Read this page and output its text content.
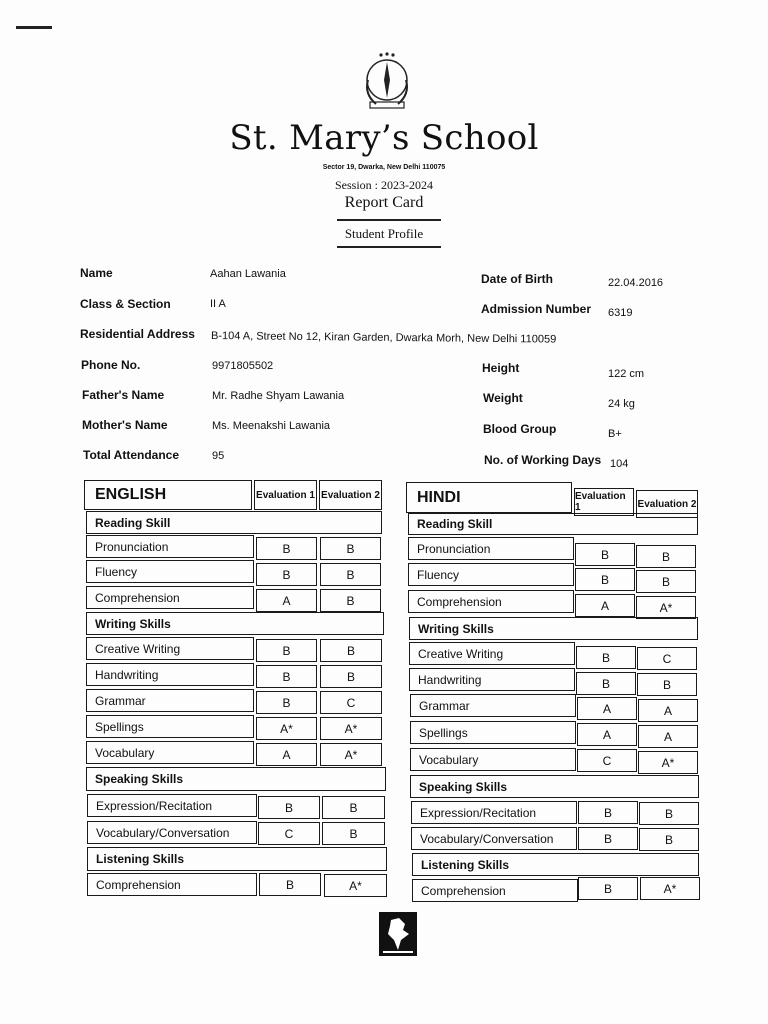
St. Mary’s School
Sector 19, Dwarka, New Delhi 110075
Session : 2023-2024
Report Card
Student Profile
Name	Aahan Lawania
Class & Section	II A
Residential Address B-104 A, Street No 12, Kiran Garden, Dwarka Morh, New Delhi 110059
Phone No.	9971805502
Father's Name	Mr. Radhe Shyam Lawania
Mother's Name	Ms. Meenakshi Lawania
Total Attendance	95
Date of Birth	22.04.2016
Admission Number 6319
Height	122 cm
Weight	24 kg
Blood Group	B+
No. of Working Days 104
ENGLISH	Evaluation 1 Evaluation 2
Reading Skill
Pronunciation	B	B
Fluency	B	B
Comprehension	A	B
Writing Skills
Creative Writing	B	B
Handwriting	B	B
Grammar	B	C
Spellings	A*	A*
Vocabulary	A	A*
Speaking Skills
Expression/Recitation	B	B
Vocabulary/Conversation	C	B
Listening Skills
Comprehension	B	A*
HINDI	Evaluation 1	Evaluation 2
Reading Skill
Pronunciation	B	B
Fluency	B	B
Comprehension	A	A*
Writing Skills
Creative Writing	B	C
Handwriting	B	B
Grammar	A	A
Spellings	A	A
Vocabulary	C	A*
Speaking Skills
Expression/Recitation	B	B
Vocabulary/Conversation	B	B
Listening Skills
Comprehension	B	A*
